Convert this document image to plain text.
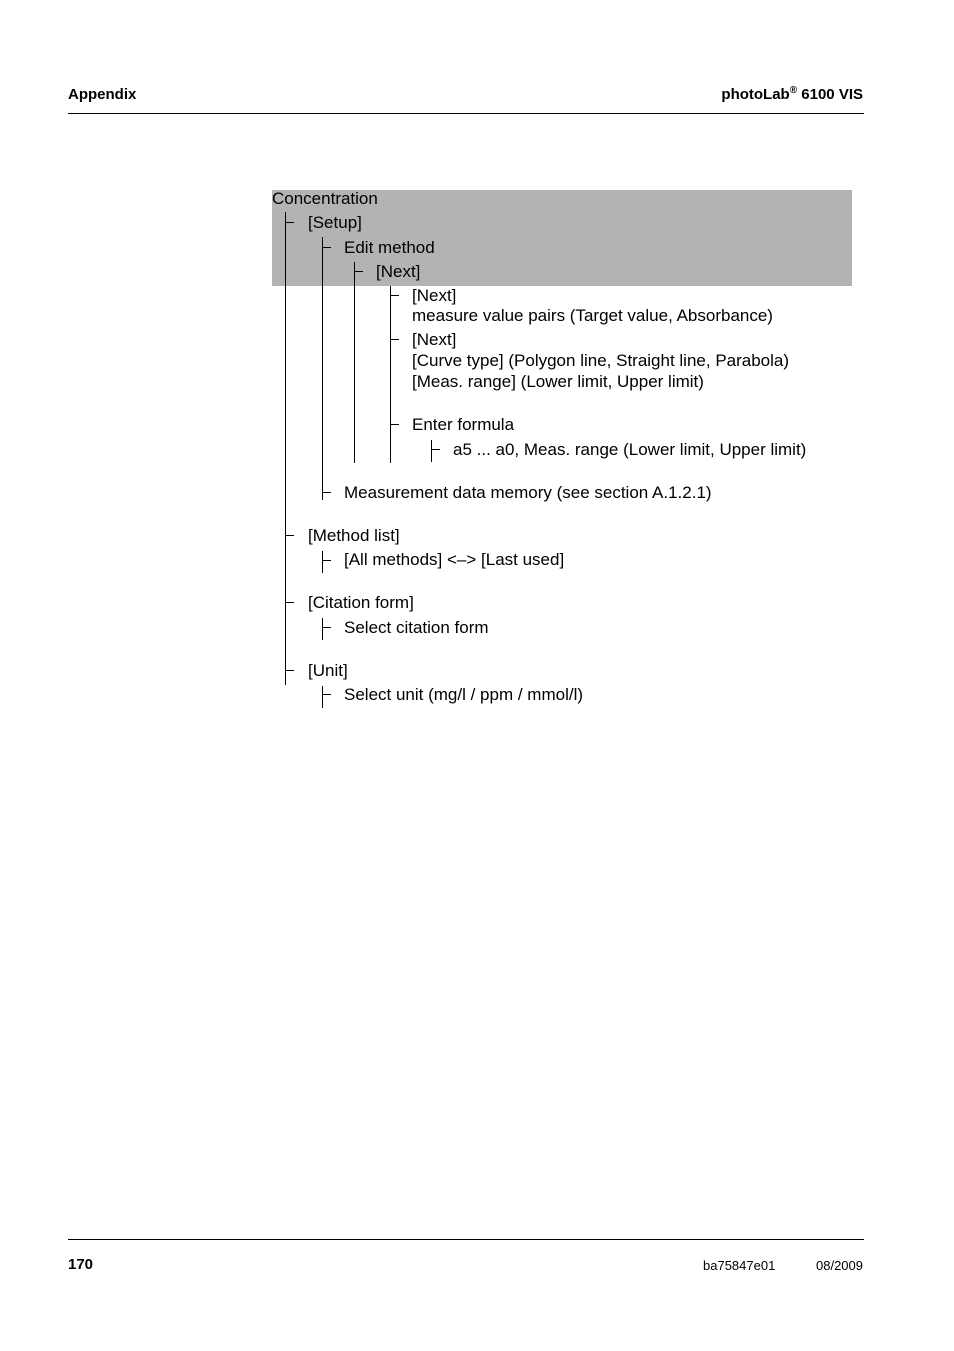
Appendix	photoLab® 6100 VIS
Concentration
[Setup]
Edit method
[Next]
[Next]
measure value pairs (Target value, Absorbance)
[Next]
[Curve type] (Polygon line, Straight line, Parabola)
[Meas. range] (Lower limit, Upper limit)
Enter formula
a5 ... a0, Meas. range (Lower limit, Upper limit)
Measurement data memory (see section A.1.2.1)
[Method list]
[All methods] <–> [Last used]
[Citation form]
Select citation form
[Unit]
Select unit (mg/l / ppm / mmol/l)
170	ba75847e01	08/2009
